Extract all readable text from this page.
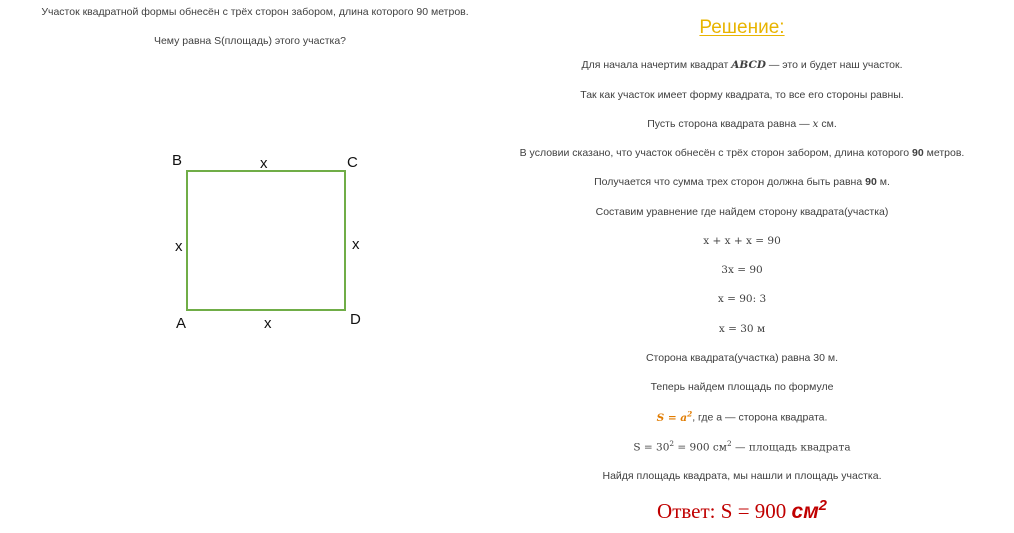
Участок квадратной формы обнесён с трёх сторон забором, длина которого 90 метров.
Чему равна S(площадь) этого участка?
B	C
A	D
x
x	x
x
Решение:
Для начала начертим квадрат ABCD — это и будет наш участок.
Так как участок имеет форму квадрата, то все его стороны равны.
Пусть сторона квадрата равна — x см.
В условии сказано, что участок обнесён с трёх сторон забором, длина которого 90 метров.
Получается что сумма трех сторон должна быть равна 90 м.
Составим уравнение где найдем сторону квадрата(участка)
x + x + x = 90
3x = 90
x = 90: 3
x = 30 м
Сторона квадрата(участка) равна 30 м.
Теперь найдем площадь по формуле
$S = a^2$, где a — сторона квадрата.
$S = 30^2 = 900$ $см^2$ — площадь квадрата
Найдя площадь квадрата, мы нашли и площадь участка.
Ответ: S = 900 $см^2$
